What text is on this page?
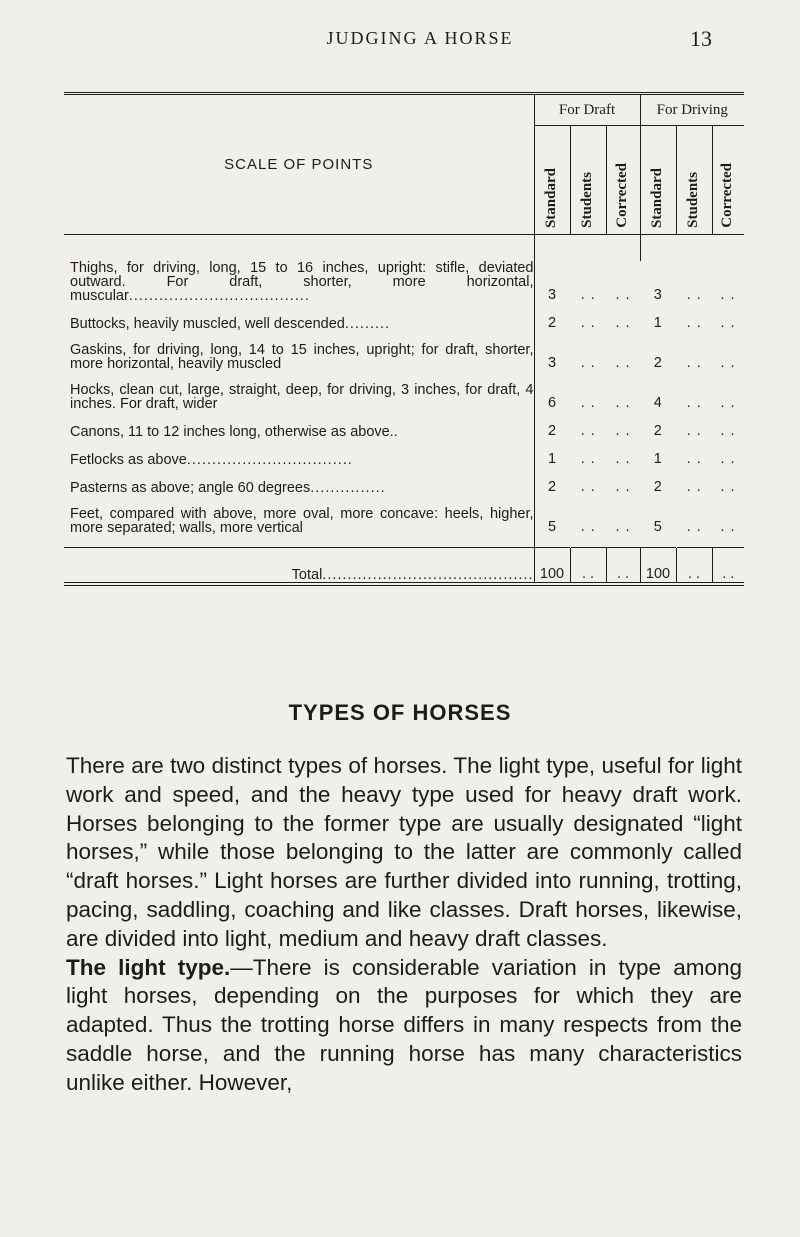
JUDGING A HORSE	13
SCALE OF POINTS	For Draft			For Driving		

	Standard	Students	Corrected	Standard	Students	Corrected

Thighs, for driving, long, 15 to 16 inches, upright: stifle, deviated outward. For draft, shorter, more horizontal, muscular....................................	3	. .	. .	3	. .	. .
Buttocks, heavily muscled, well descended.........	2	. .	. .	1	. .	. .
Gaskins, for driving, long, 14 to 15 inches, upright; for draft, shorter, more horizontal, heavily muscled	3	. .	. .	2	. .	. .
Hocks, clean cut, large, straight, deep, for driving, 3 inches, for draft, 4 inches. For draft, wider	6	. .	. .	4	. .	. .
Canons, 11 to 12 inches long, otherwise as above..	2	. .	. .	2	. .	. .
Fetlocks as above.................................	1	. .	. .	1	. .	. .
Pasterns as above; angle 60 degrees...............	2	. .	. .	2	. .	. .
Feet, compared with above, more oval, more concave: heels, higher, more separated; walls, more vertical	5	. .	. .	5	. .	. .
Total..........................................	100	. .	. .	100	. .	. .
TYPES OF HORSES

There are two distinct types of horses. The light type, useful for light work and speed, and the heavy type used for heavy draft work. Horses belonging to the former type are usually designated “light horses,” while those belonging to the latter are commonly called “draft horses.” Light horses are further divided into running, trotting, pacing, saddling, coaching and like classes. Draft horses, likewise, are divided into light, medium and heavy draft classes.

The light type.—There is considerable variation in type among light horses, depending on the purposes for which they are adapted. Thus the trotting horse differs in many respects from the saddle horse, and the running horse has many characteristics unlike either. However,
